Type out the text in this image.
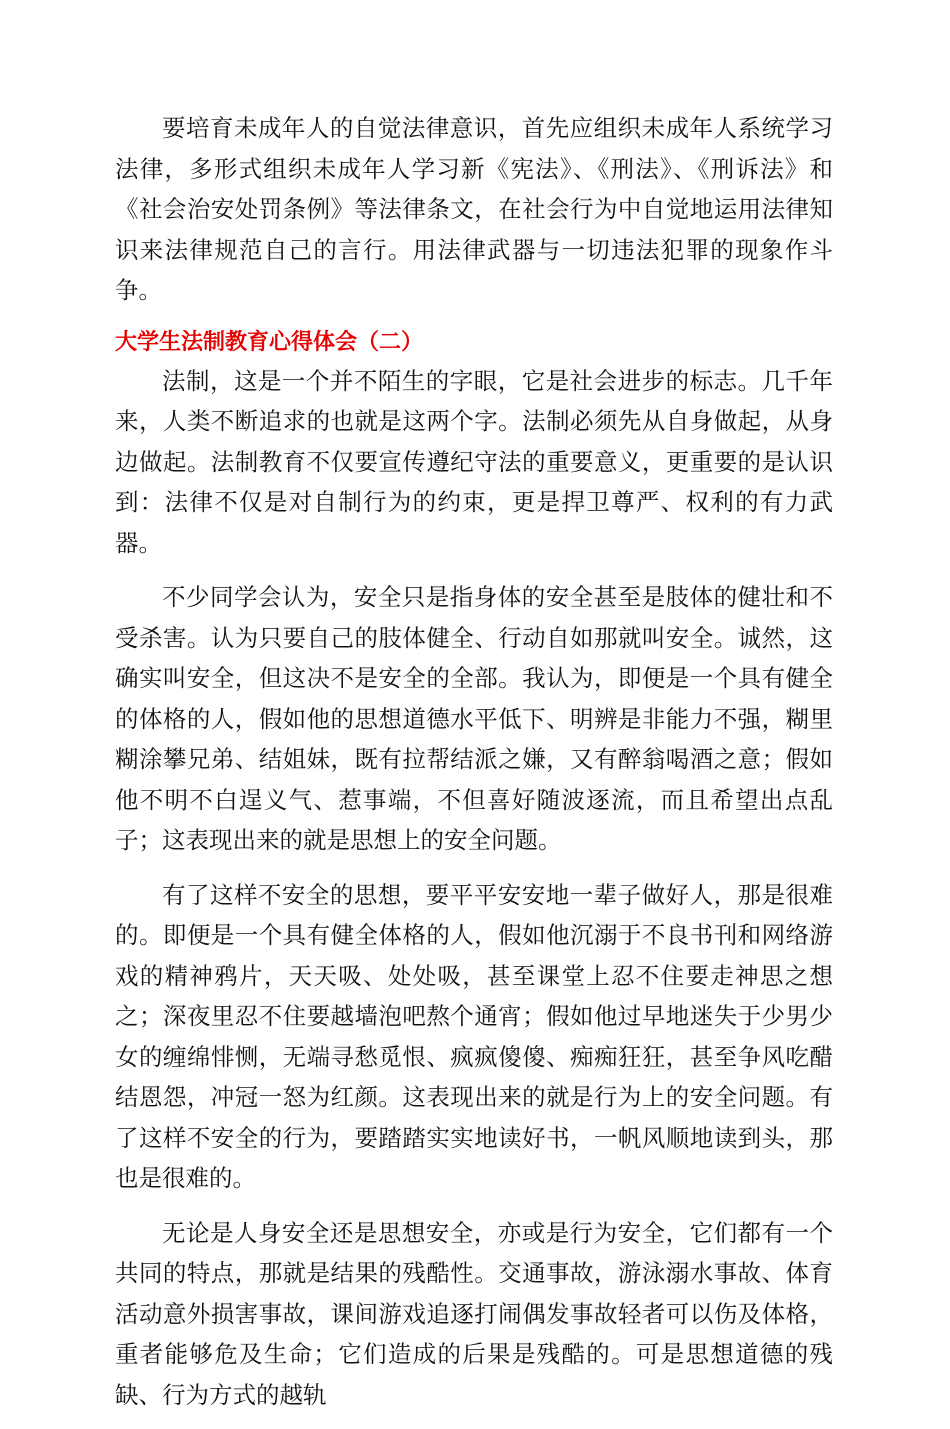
要培育未成年人的自觉法律意识，首先应组织未成年人系统学习法律，多形式组织未成年人学习新《宪法》、《刑法》、《刑诉法》和《社会治安处罚条例》等法律条文，在社会行为中自觉地运用法律知识来法律规范自己的言行。用法律武器与一切违法犯罪的现象作斗争。

大学生法制教育心得体会（二）

法制，这是一个并不陌生的字眼，它是社会进步的标志。几千年来，人类不断追求的也就是这两个字。法制必须先从自身做起，从身边做起。法制教育不仅要宣传遵纪守法的重要意义，更重要的是认识到：法律不仅是对自制行为的约束，更是捍卫尊严、权利的有力武器。

不少同学会认为，安全只是指身体的安全甚至是肢体的健壮和不受杀害。认为只要自己的肢体健全、行动自如那就叫安全。诚然，这确实叫安全，但这决不是安全的全部。我认为，即便是一个具有健全的体格的人，假如他的思想道德水平低下、明辨是非能力不强，糊里糊涂攀兄弟、结姐妹，既有拉帮结派之嫌，又有醉翁喝酒之意；假如他不明不白逞义气、惹事端，不但喜好随波逐流，而且希望出点乱子；这表现出来的就是思想上的安全问题。

有了这样不安全的思想，要平平安安地一辈子做好人，那是很难的。即便是一个具有健全体格的人，假如他沉溺于不良书刊和网络游戏的精神鸦片，天天吸、处处吸，甚至课堂上忍不住要走神思之想之；深夜里忍不住要越墙泡吧熬个通宵；假如他过早地迷失于少男少女的缠绵悱恻，无端寻愁觅恨、疯疯傻傻、痴痴狂狂，甚至争风吃醋结恩怨，冲冠一怒为红颜。这表现出来的就是行为上的安全问题。有了这样不安全的行为，要踏踏实实地读好书，一帆风顺地读到头，那也是很难的。

无论是人身安全还是思想安全，亦或是行为安全，它们都有一个共同的特点，那就是结果的残酷性。交通事故，游泳溺水事故、体育活动意外损害事故，课间游戏追逐打闹偶发事故轻者可以伤及体格，重者能够危及生命；它们造成的后果是残酷的。可是思想道德的残缺、行为方式的越轨
